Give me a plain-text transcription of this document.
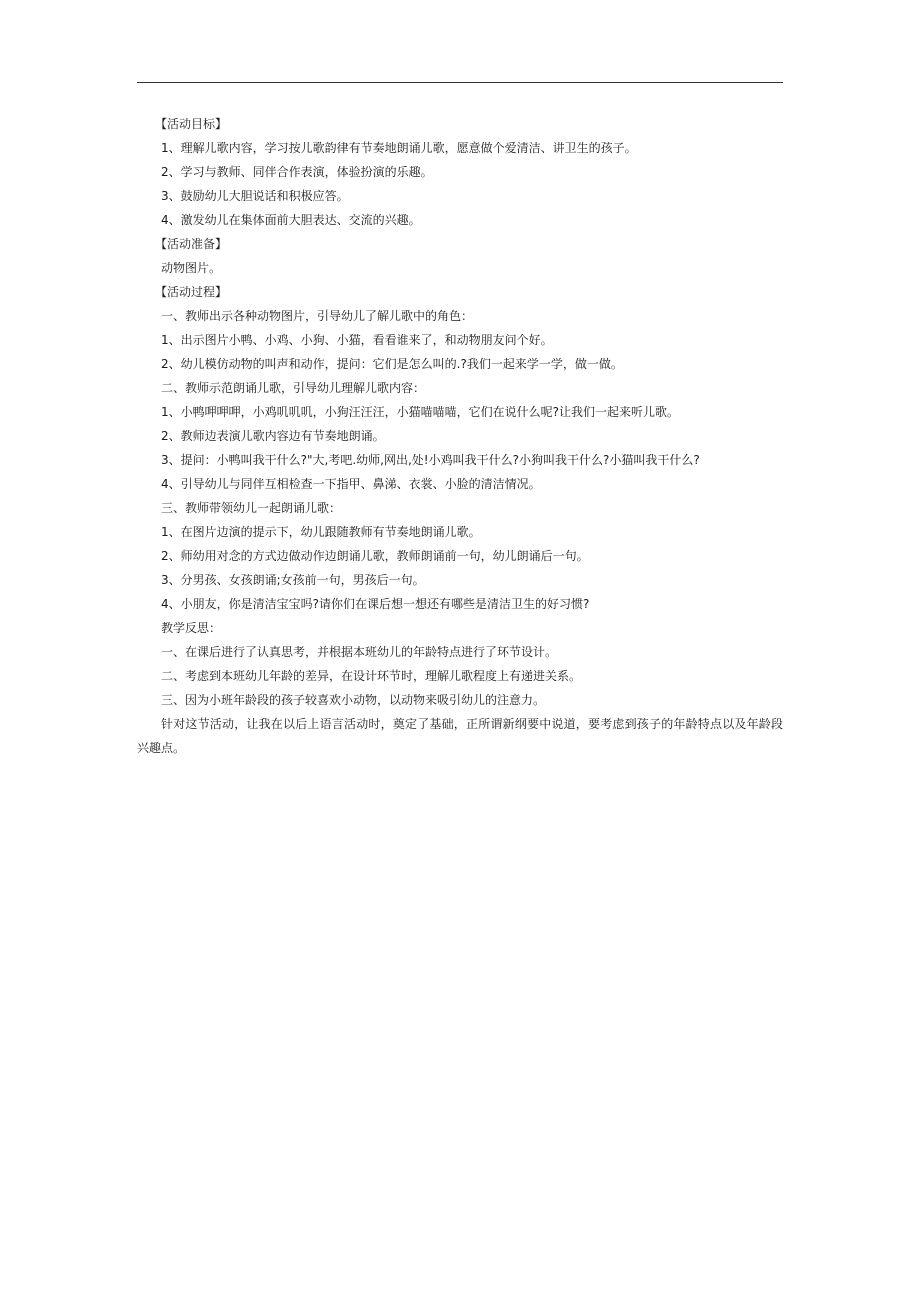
【活动目标】

1、理解儿歌内容，学习按儿歌韵律有节奏地朗诵儿歌，愿意做个爱清洁、讲卫生的孩子。

2、学习与教师、同伴合作表演，体验扮演的乐趣。

3、鼓励幼儿大胆说话和积极应答。

4、激发幼儿在集体面前大胆表达、交流的兴趣。

【活动准备】

动物图片。

【活动过程】

一、教师出示各种动物图片，引导幼儿了解儿歌中的角色：

1、出示图片小鸭、小鸡、小狗、小猫，看看谁来了，和动物朋友问个好。

2、幼儿模仿动物的叫声和动作，提问：它们是怎么叫的.?我们一起来学一学，做一做。

二、教师示范朗诵儿歌，引导幼儿理解儿歌内容：

1、小鸭呷呷呷，小鸡叽叽叽，小狗汪汪汪，小猫喵喵喵，它们在说什么呢?让我们一起来听儿歌。

2、教师边表演儿歌内容边有节奏地朗诵。

3、提问：小鸭叫我干什么?"大,考吧.幼师,网出,处!小鸡叫我干什么?小狗叫我干什么?小猫叫我干什么?

4、引导幼儿与同伴互相检查一下指甲、鼻涕、衣裳、小脸的清洁情况。

三、教师带领幼儿一起朗诵儿歌：

1、在图片边演的提示下，幼儿跟随教师有节奏地朗诵儿歌。

2、师幼用对念的方式边做动作边朗诵儿歌，教师朗诵前一句，幼儿朗诵后一句。

3、分男孩、女孩朗诵;女孩前一句，男孩后一句。

4、小朋友，你是清洁宝宝吗?请你们在课后想一想还有哪些是清洁卫生的好习惯?

教学反思：

一、在课后进行了认真思考，并根据本班幼儿的年龄特点进行了环节设计。

二、考虑到本班幼儿年龄的差异，在设计环节时，理解儿歌程度上有递进关系。

三、因为小班年龄段的孩子较喜欢小动物，以动物来吸引幼儿的注意力。

针对这节活动，让我在以后上语言活动时，奠定了基础，正所谓新纲要中说道，要考虑到孩子的年龄特点以及年龄段兴趣点。
